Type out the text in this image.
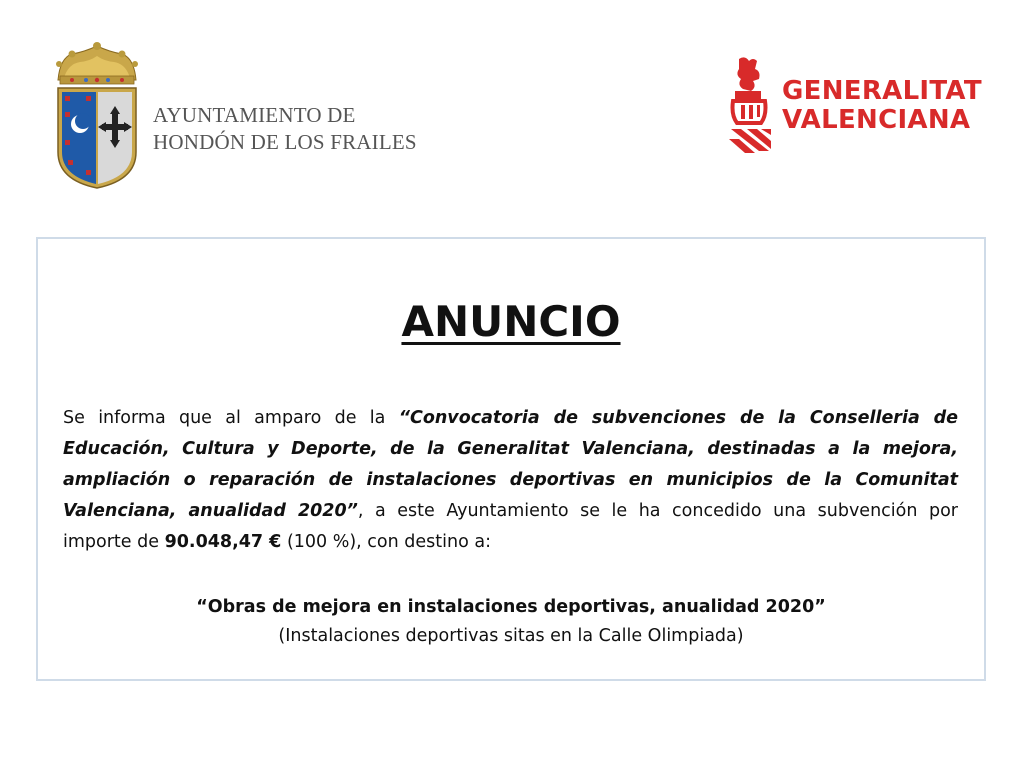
AYUNTAMIENTO DE
HONDÓN DE LOS FRAILES
GENERALITAT
VALENCIANA
ANUNCIO
Se informa que al amparo de la “Convocatoria de subvenciones de la Conselleria de Educación, Cultura y Deporte, de la Generalitat Valenciana, destinadas a la mejora, ampliación o reparación de instalaciones deportivas en municipios de la Comunitat Valenciana, anualidad 2020”, a este Ayuntamiento se le ha concedido una subvención por importe de 90.048,47 € (100 %), con destino a:
“Obras de mejora en instalaciones deportivas, anualidad 2020”
(Instalaciones deportivas sitas en la Calle Olimpiada)
